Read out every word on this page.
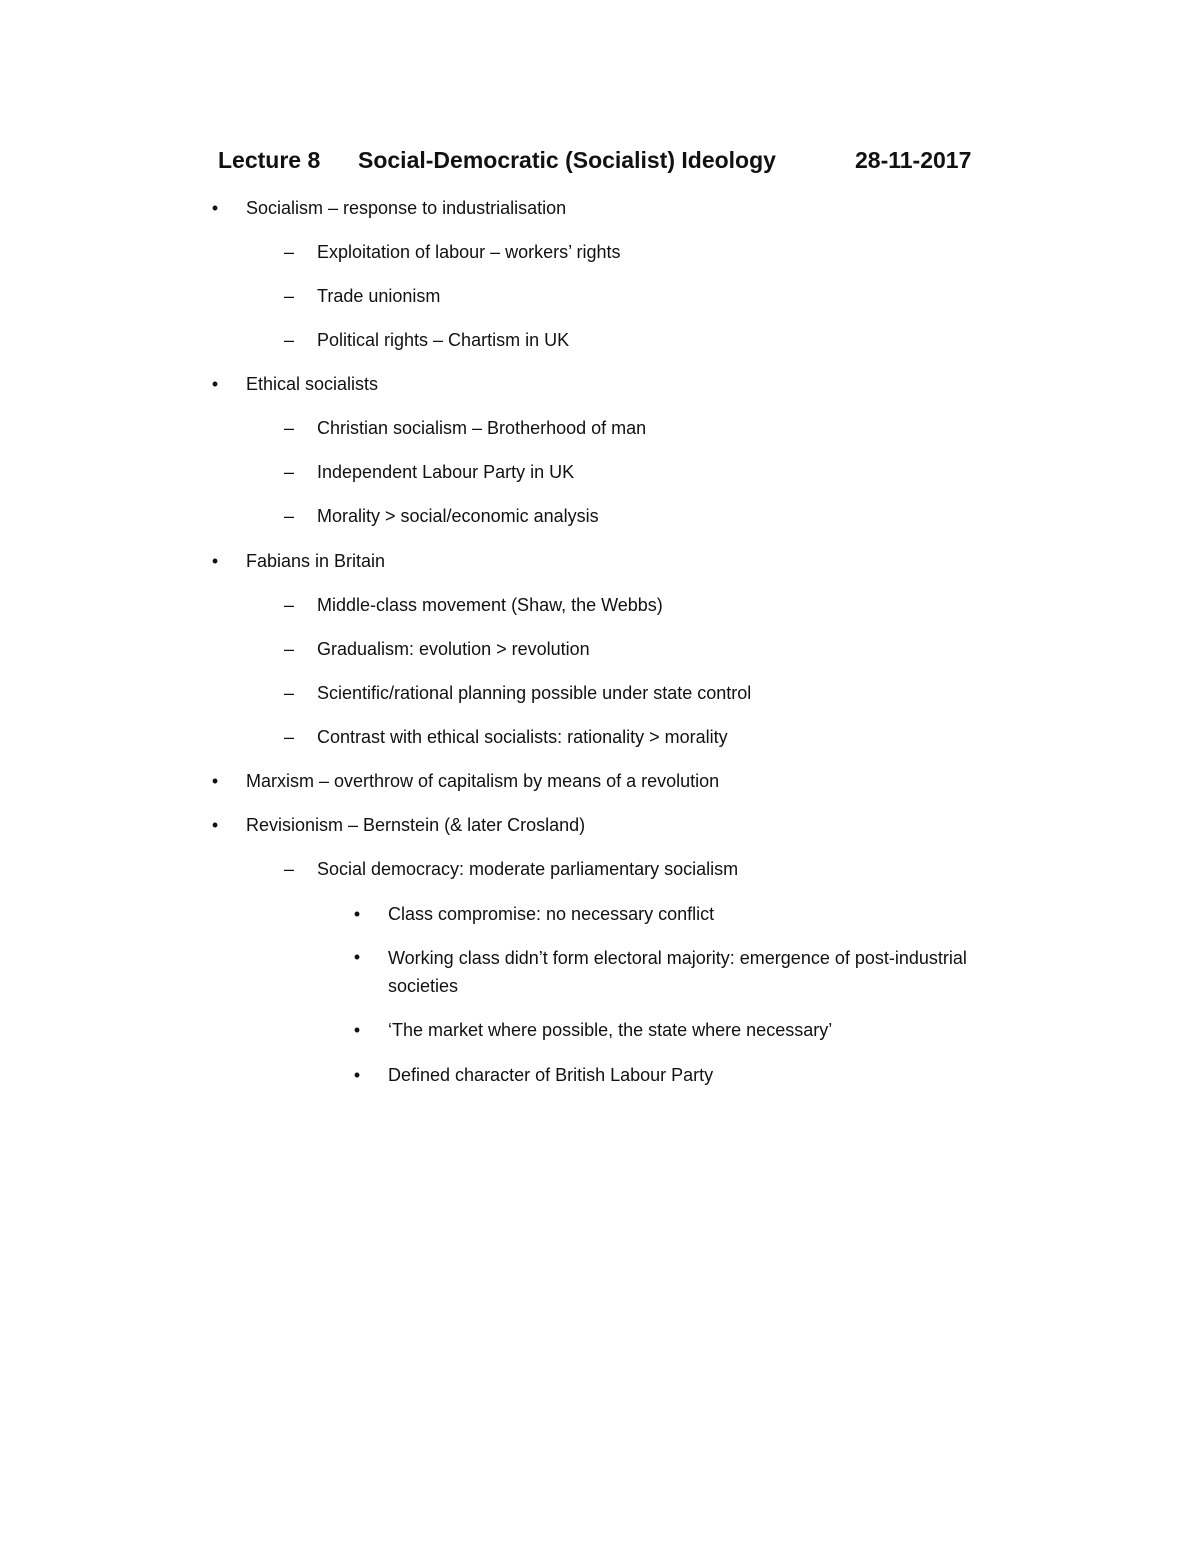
Lecture 8 Social-Democratic (Socialist) Ideology	28-11-2017
•	Socialism – response to industrialisation
– Exploitation of labour – workers’ rights
– Trade unionism
– Political rights – Chartism in UK
•	Ethical socialists
– Christian socialism – Brotherhood of man
– Independent Labour Party in UK
– Morality > social/economic analysis
•	Fabians in Britain
– Middle-class movement (Shaw, the Webbs)
– Gradualism: evolution > revolution
– Scientific/rational planning possible under state control
– Contrast with ethical socialists: rationality > morality
•	Marxism – overthrow of capitalism by means of a revolution
•	Revisionism – Bernstein (& later Crosland)
– Social democracy: moderate parliamentary socialism
•	Class compromise: no necessary conflict
•	Working class didn’t form electoral majority: emergence of post-industrial societies
•	‘The market where possible, the state where necessary’
•	Defined character of British Labour Party
